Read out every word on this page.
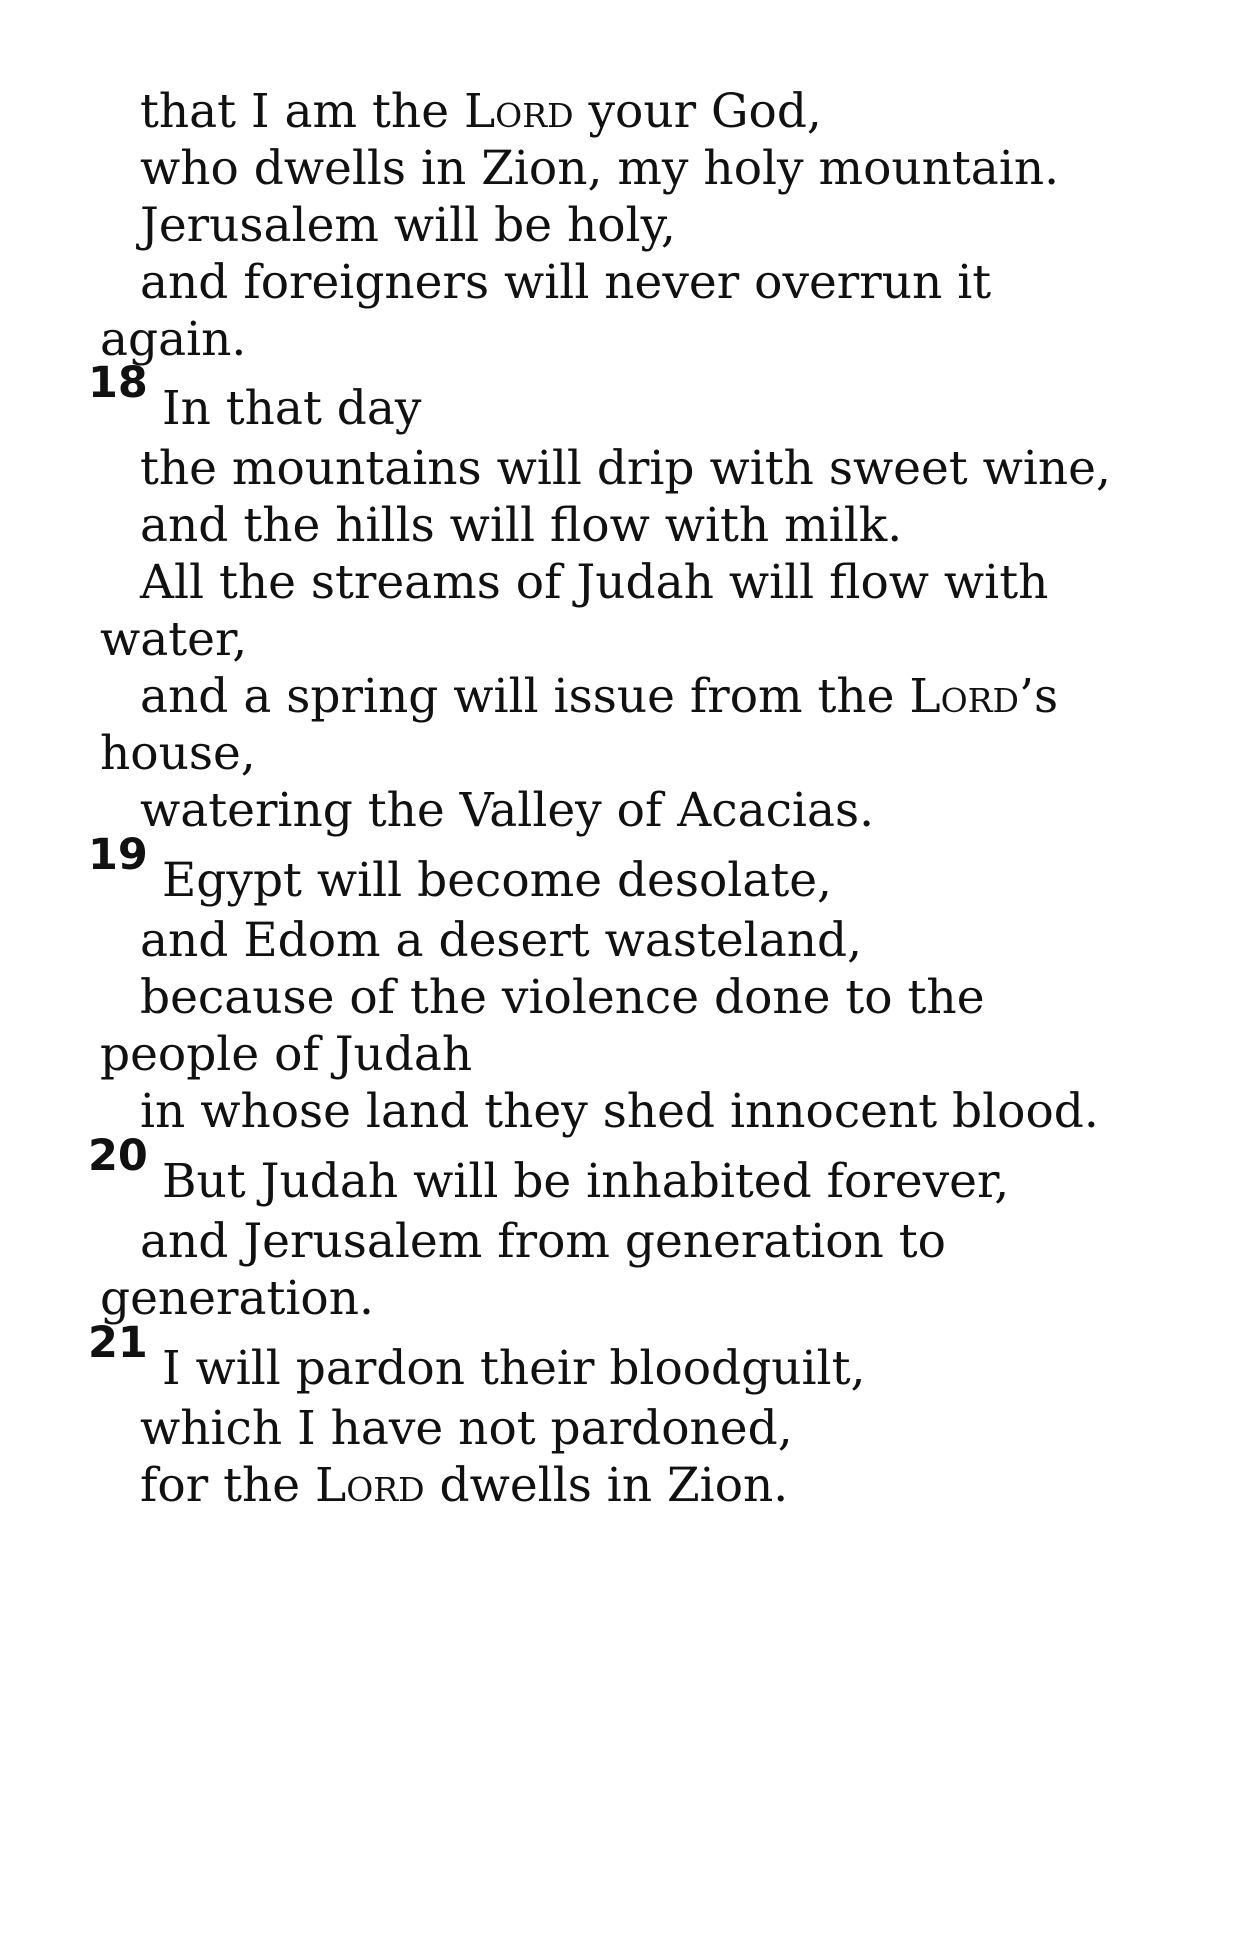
that I am the Lord your God,
who dwells in Zion, my holy mountain.
Jerusalem will be holy,
and foreigners will never overrun it
again.
18 In that day
the mountains will drip with sweet wine,
and the hills will flow with milk.
All the streams of Judah will flow with
water,
and a spring will issue from the Lord’s
house,
watering the Valley of Acacias.
19 Egypt will become desolate,
and Edom a desert wasteland,
because of the violence done to the
people of Judah
in whose land they shed innocent blood.
20 But Judah will be inhabited forever,
and Jerusalem from generation to
generation.
21 I will pardon their bloodguilt,
which I have not pardoned,
for the Lord dwells in Zion.
